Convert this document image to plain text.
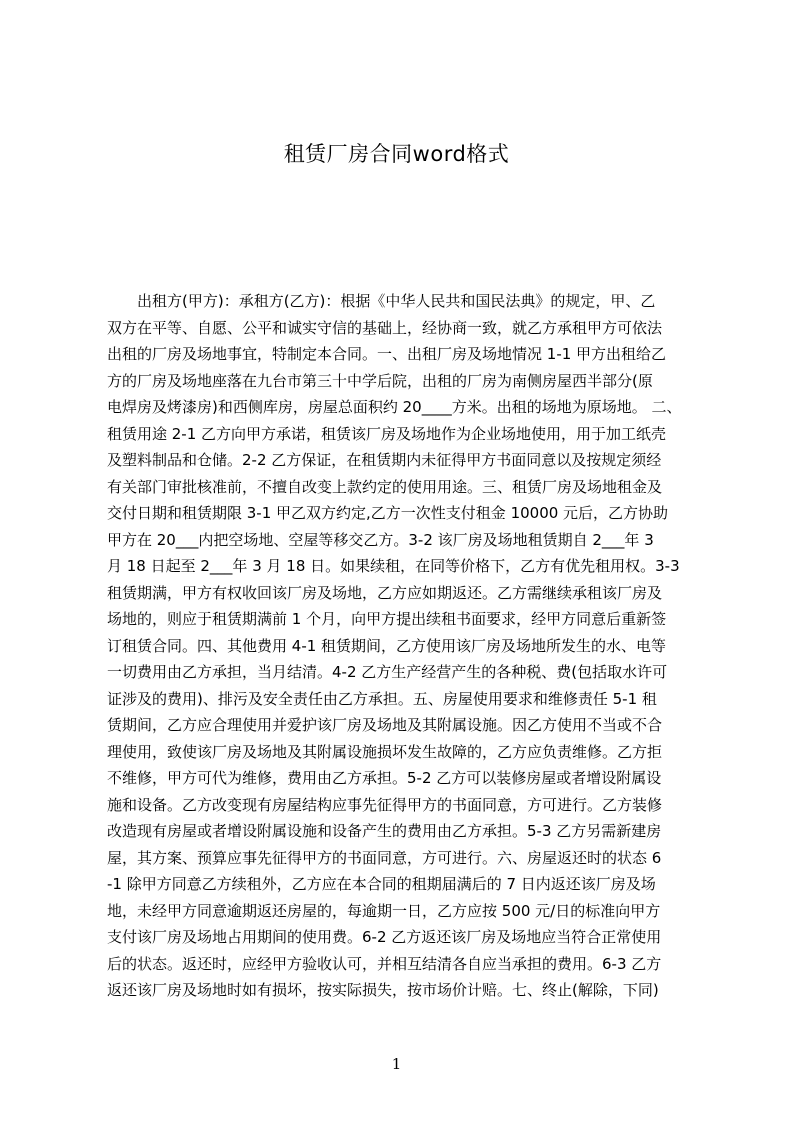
租赁厂房合同word格式
　　出租方(甲方)：承租方(乙方)：根据《中华人民共和国民法典》的规定，甲、乙
双方在平等、自愿、公平和诚实守信的基础上，经协商一致，就乙方承租甲方可依法
出租的厂房及场地事宜，特制定本合同。一、出租厂房及场地情况 1-1 甲方出租给乙
方的厂房及场地座落在九台市第三十中学后院，出租的厂房为南侧房屋西半部分(原
电焊房及烤漆房)和西侧库房，房屋总面积约 20____方米。出租的场地为原场地。 二、
租赁用途 2-1 乙方向甲方承诺，租赁该厂房及场地作为企业场地使用，用于加工纸壳
及塑料制品和仓储。2-2 乙方保证，在租赁期内未征得甲方书面同意以及按规定须经
有关部门审批核准前，不擅自改变上款约定的使用用途。三、租赁厂房及场地租金及
交付日期和租赁期限 3-1 甲乙双方约定,乙方一次性支付租金 10000 元后，乙方协助
甲方在 20___内把空场地、空屋等移交乙方。3-2 该厂房及场地租赁期自 2___年 3
月 18 日起至 2___年 3 月 18 日。如果续租，在同等价格下，乙方有优先租用权。3-3
租赁期满，甲方有权收回该厂房及场地，乙方应如期返还。乙方需继续承租该厂房及
场地的，则应于租赁期满前 1 个月，向甲方提出续租书面要求，经甲方同意后重新签
订租赁合同。四、其他费用 4-1 租赁期间，乙方使用该厂房及场地所发生的水、电等
一切费用由乙方承担，当月结清。4-2 乙方生产经营产生的各种税、费(包括取水许可
证涉及的费用)、排污及安全责任由乙方承担。五、房屋使用要求和维修责任 5-1 租
赁期间，乙方应合理使用并爱护该厂房及场地及其附属设施。因乙方使用不当或不合
理使用，致使该厂房及场地及其附属设施损坏发生故障的，乙方应负责维修。乙方拒
不维修，甲方可代为维修，费用由乙方承担。5-2 乙方可以装修房屋或者增设附属设
施和设备。乙方改变现有房屋结构应事先征得甲方的书面同意，方可进行。乙方装修
改造现有房屋或者增设附属设施和设备产生的费用由乙方承担。5-3 乙方另需新建房
屋，其方案、预算应事先征得甲方的书面同意，方可进行。六、房屋返还时的状态 6
-1 除甲方同意乙方续租外，乙方应在本合同的租期届满后的 7 日内返还该厂房及场
地，未经甲方同意逾期返还房屋的，每逾期一日，乙方应按 500 元/日的标准向甲方
支付该厂房及场地占用期间的使用费。6-2 乙方返还该厂房及场地应当符合正常使用
后的状态。返还时，应经甲方验收认可，并相互结清各自应当承担的费用。6-3 乙方
返还该厂房及场地时如有损坏，按实际损失，按市场价计赔。七、终止(解除，下同)
1
